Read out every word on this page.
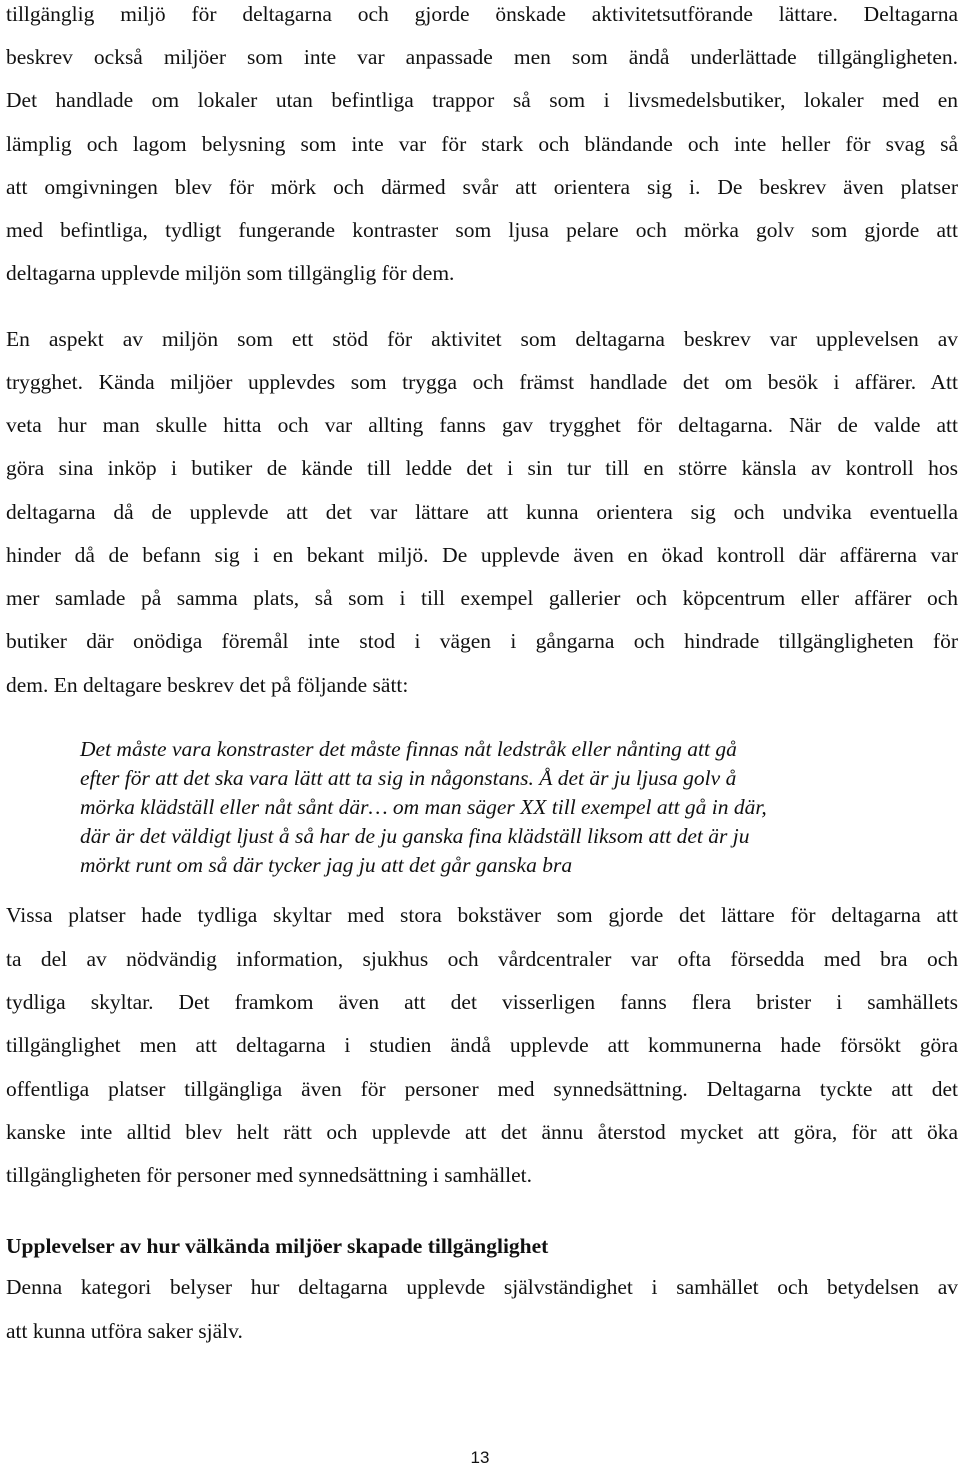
tillgänglig miljö för deltagarna och gjorde önskade aktivitetsutförande lättare. Deltagarna
beskrev också miljöer som inte var anpassade men som ändå underlättade tillgängligheten.
Det handlade om lokaler utan befintliga trappor så som i livsmedelsbutiker, lokaler med en
lämplig och lagom belysning som inte var för stark och bländande och inte heller för svag så
att omgivningen blev för mörk och därmed svår att orientera sig i. De beskrev även platser
med befintliga, tydligt fungerande kontraster som ljusa pelare och mörka golv som gjorde att
deltagarna upplevde miljön som tillgänglig för dem.
En aspekt av miljön som ett stöd för aktivitet som deltagarna beskrev var upplevelsen av
trygghet. Kända miljöer upplevdes som trygga och främst handlade det om besök i affärer. Att
veta hur man skulle hitta och var allting fanns gav trygghet för deltagarna. När de valde att
göra sina inköp i butiker de kände till ledde det i sin tur till en större känsla av kontroll hos
deltagarna då de upplevde att det var lättare att kunna orientera sig och undvika eventuella
hinder då de befann sig i en bekant miljö. De upplevde även en ökad kontroll där affärerna var
mer samlade på samma plats, så som i till exempel gallerier och köpcentrum eller affärer och
butiker där onödiga föremål inte stod i vägen i gångarna och hindrade tillgängligheten för
dem. En deltagare beskrev det på följande sätt:
Det måste vara konstraster det måste finnas nåt ledstråk eller nånting att gå
efter för att det ska vara lätt att ta sig in någonstans. Å det är ju ljusa golv å
mörka klädställ eller nåt sånt där… om man säger XX till exempel att gå in där,
där är det väldigt ljust å så har de ju ganska fina klädställ liksom att det är ju
mörkt runt om så där tycker jag ju att det går ganska bra
Vissa platser hade tydliga skyltar med stora bokstäver som gjorde det lättare för deltagarna att
ta del av nödvändig information, sjukhus och vårdcentraler var ofta försedda med bra och
tydliga skyltar. Det framkom även att det visserligen fanns flera brister i samhällets
tillgänglighet men att deltagarna i studien ändå upplevde att kommunerna hade försökt göra
offentliga platser tillgängliga även för personer med synnedsättning. Deltagarna tyckte att det
kanske inte alltid blev helt rätt och upplevde att det ännu återstod mycket att göra, för att öka
tillgängligheten för personer med synnedsättning i samhället.
Upplevelser av hur välkända miljöer skapade tillgänglighet
Denna kategori belyser hur deltagarna upplevde självständighet i samhället och betydelsen av
att kunna utföra saker själv.
13
